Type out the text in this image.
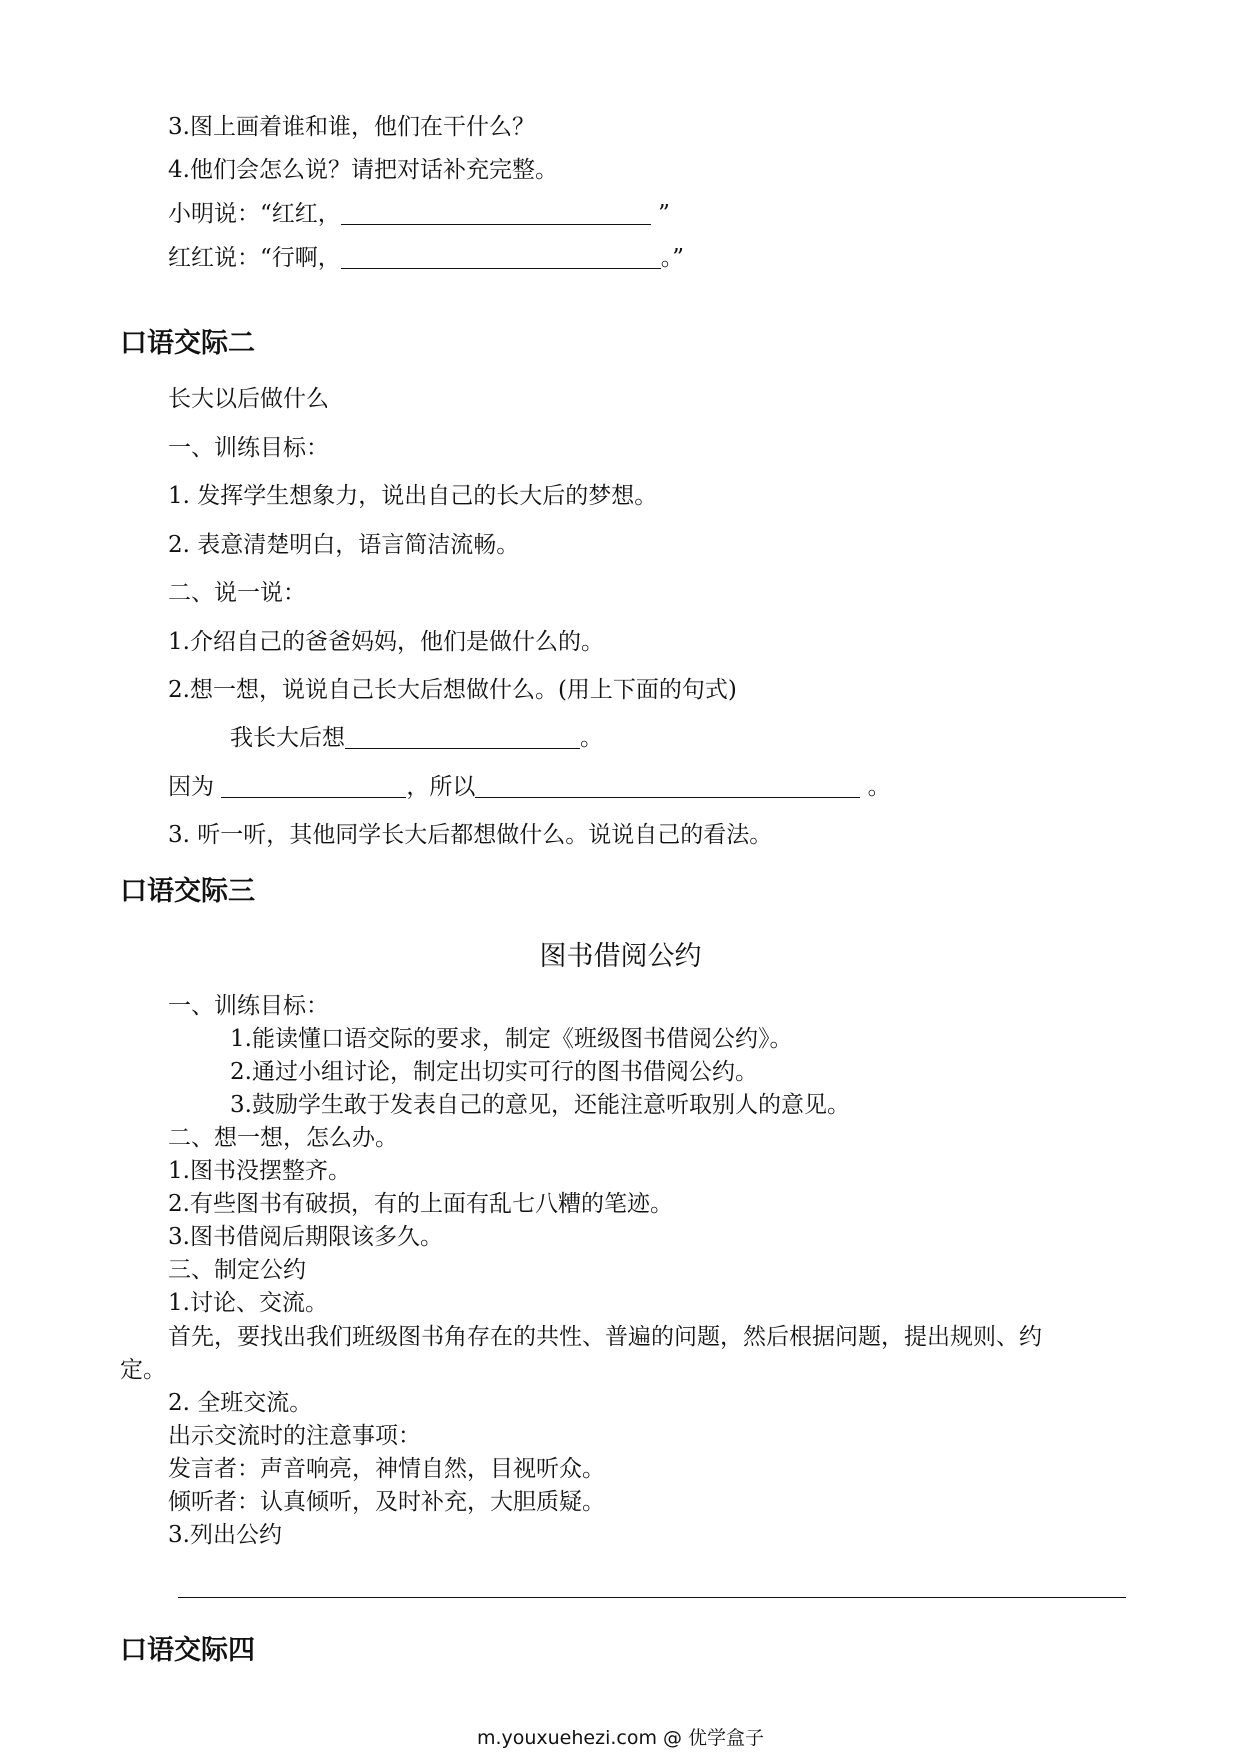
3.图上画着谁和谁，他们在干什么？
4.他们会怎么说？请把对话补充完整。
小明说：“红红，	”
红红说：“行啊，	。”
口语交际二
长大以后做什么
一、训练目标：
1. 发挥学生想象力，说出自己的长大后的梦想。
2. 表意清楚明白，语言简洁流畅。
二、说一说：
1.介绍自己的爸爸妈妈，他们是做什么的。
2.想一想，说说自己长大后想做什么。(用上下面的句式)
我长大后想	。
因为	，所以	。
3. 听一听，其他同学长大后都想做什么。说说自己的看法。
口语交际三
图书借阅公约
一、训练目标：
1.能读懂口语交际的要求，制定《班级图书借阅公约》。
2.通过小组讨论，制定出切实可行的图书借阅公约。
3.鼓励学生敢于发表自己的意见，还能注意听取别人的意见。
二、想一想，怎么办。
1.图书没摆整齐。
2.有些图书有破损，有的上面有乱七八糟的笔迹。
3.图书借阅后期限该多久。
三、制定公约
1.讨论、交流。
首先，要找出我们班级图书角存在的共性、普遍的问题，然后根据问题，提出规则、约
定。
2. 全班交流。
出示交流时的注意事项：
发言者：声音响亮，神情自然，目视听众。
倾听者：认真倾听，及时补充，大胆质疑。
3.列出公约
口语交际四
m.youxuehezi.com @ 优学盒子
